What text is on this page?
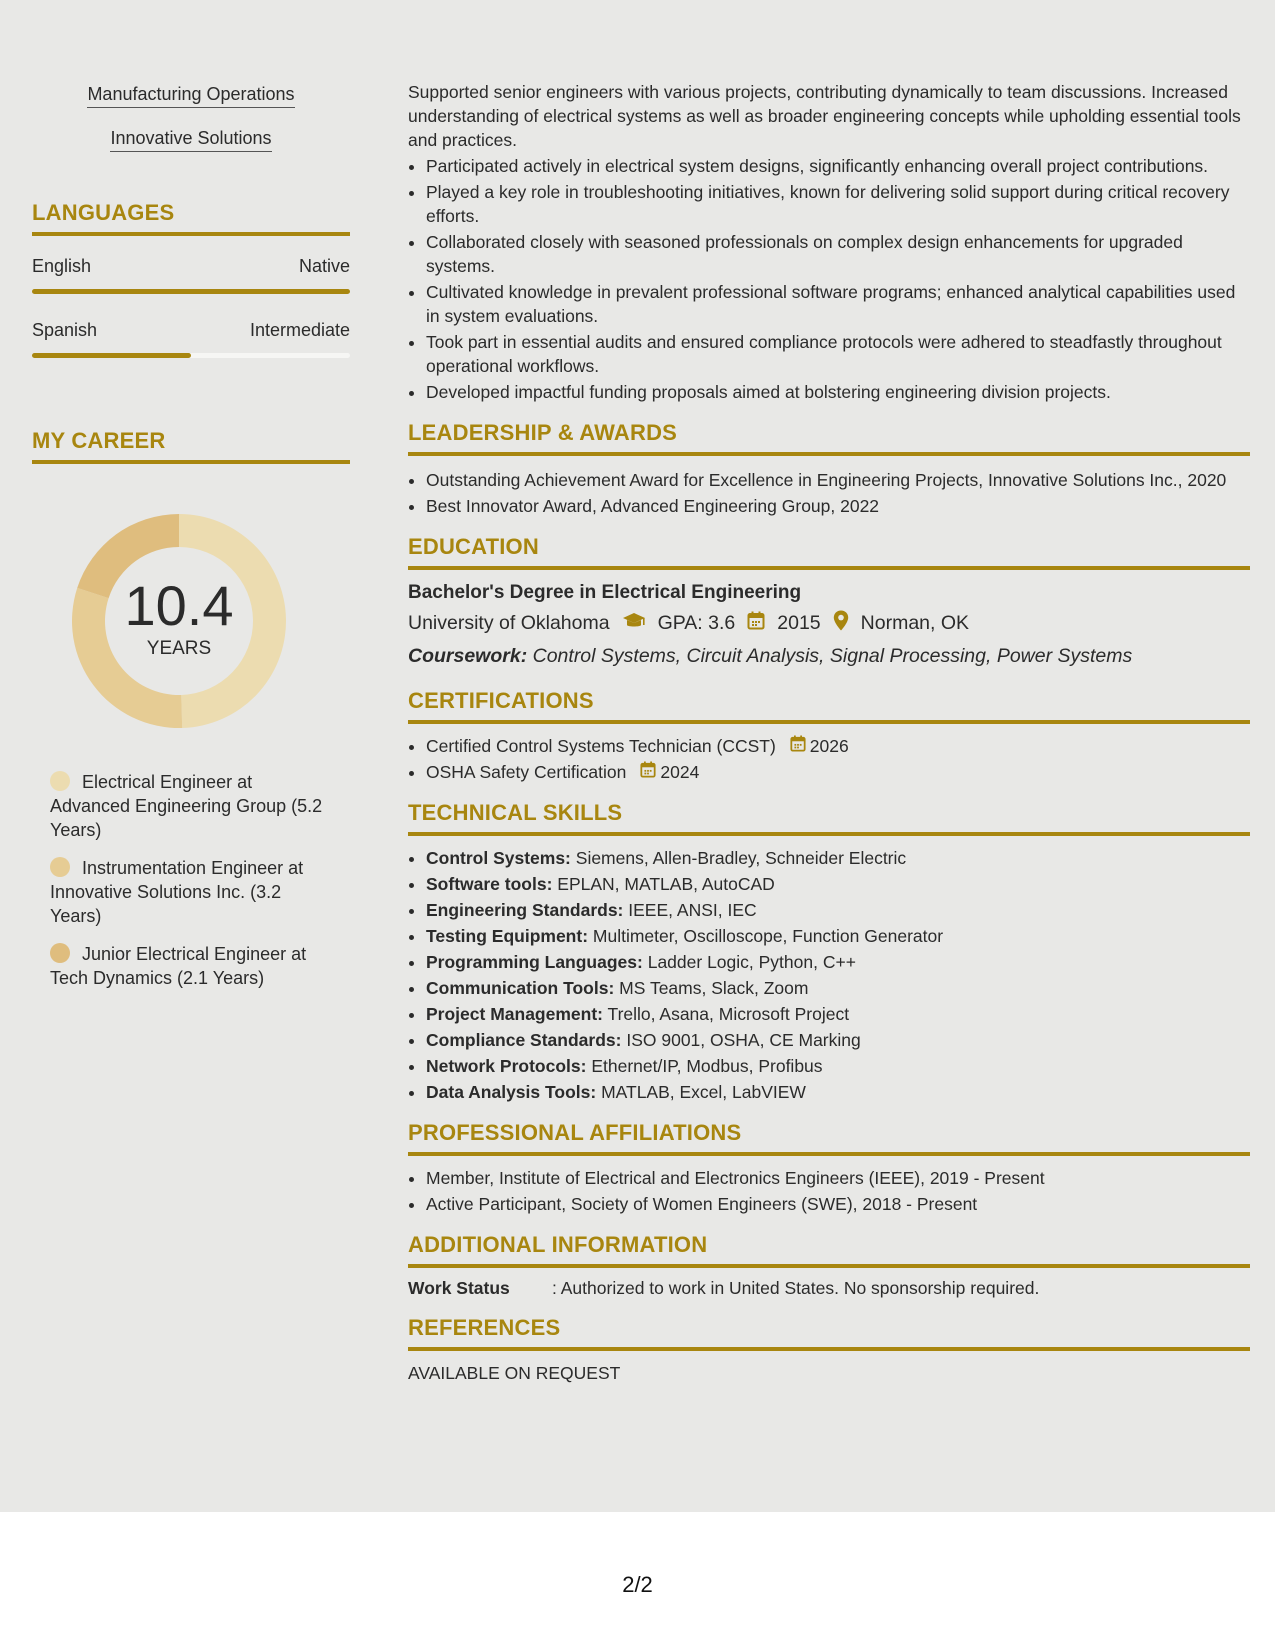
Manufacturing Operations
Innovative Solutions
LANGUAGES
English	Native
Spanish	Intermediate
MY CAREER
10.4
YEARS
Electrical Engineer at Advanced Engineering Group (5.2 Years)
Instrumentation Engineer at Innovative Solutions Inc. (3.2 Years)
Junior Electrical Engineer at Tech Dynamics (2.1 Years)

Supported senior engineers with various projects, contributing dynamically to team discussions. Increased understanding of electrical systems as well as broader engineering concepts while upholding essential tools and practices.

• Participated actively in electrical system designs, significantly enhancing overall project contributions.
• Played a key role in troubleshooting initiatives, known for delivering solid support during critical recovery efforts.
• Collaborated closely with seasoned professionals on complex design enhancements for upgraded systems.
• Cultivated knowledge in prevalent professional software programs; enhanced analytical capabilities used in system evaluations.
• Took part in essential audits and ensured compliance protocols were adhered to steadfastly throughout operational workflows.
• Developed impactful funding proposals aimed at bolstering engineering division projects.
LEADERSHIP & AWARDS
• Outstanding Achievement Award for Excellence in Engineering Projects, Innovative Solutions Inc., 2020
• Best Innovator Award, Advanced Engineering Group, 2022
EDUCATION
Bachelor's Degree in Electrical Engineering
University of Oklahoma GPA: 3.6 2015 Norman, OK
Coursework: Control Systems, Circuit Analysis, Signal Processing, Power Systems
CERTIFICATIONS
• Certified Control Systems Technician (CCST) 2026
• OSHA Safety Certification 2024
TECHNICAL SKILLS
• Control Systems: Siemens, Allen-Bradley, Schneider Electric
• Software tools: EPLAN, MATLAB, AutoCAD
• Engineering Standards: IEEE, ANSI, IEC
• Testing Equipment: Multimeter, Oscilloscope, Function Generator
• Programming Languages: Ladder Logic, Python, C++
• Communication Tools: MS Teams, Slack, Zoom
• Project Management: Trello, Asana, Microsoft Project
• Compliance Standards: ISO 9001, OSHA, CE Marking
• Network Protocols: Ethernet/IP, Modbus, Profibus
• Data Analysis Tools: MATLAB, Excel, LabVIEW
PROFESSIONAL AFFILIATIONS
• Member, Institute of Electrical and Electronics Engineers (IEEE), 2019 - Present
• Active Participant, Society of Women Engineers (SWE), 2018 - Present
ADDITIONAL INFORMATION
Work Status	: Authorized to work in United States. No sponsorship required.
REFERENCES
AVAILABLE ON REQUEST
2/2
